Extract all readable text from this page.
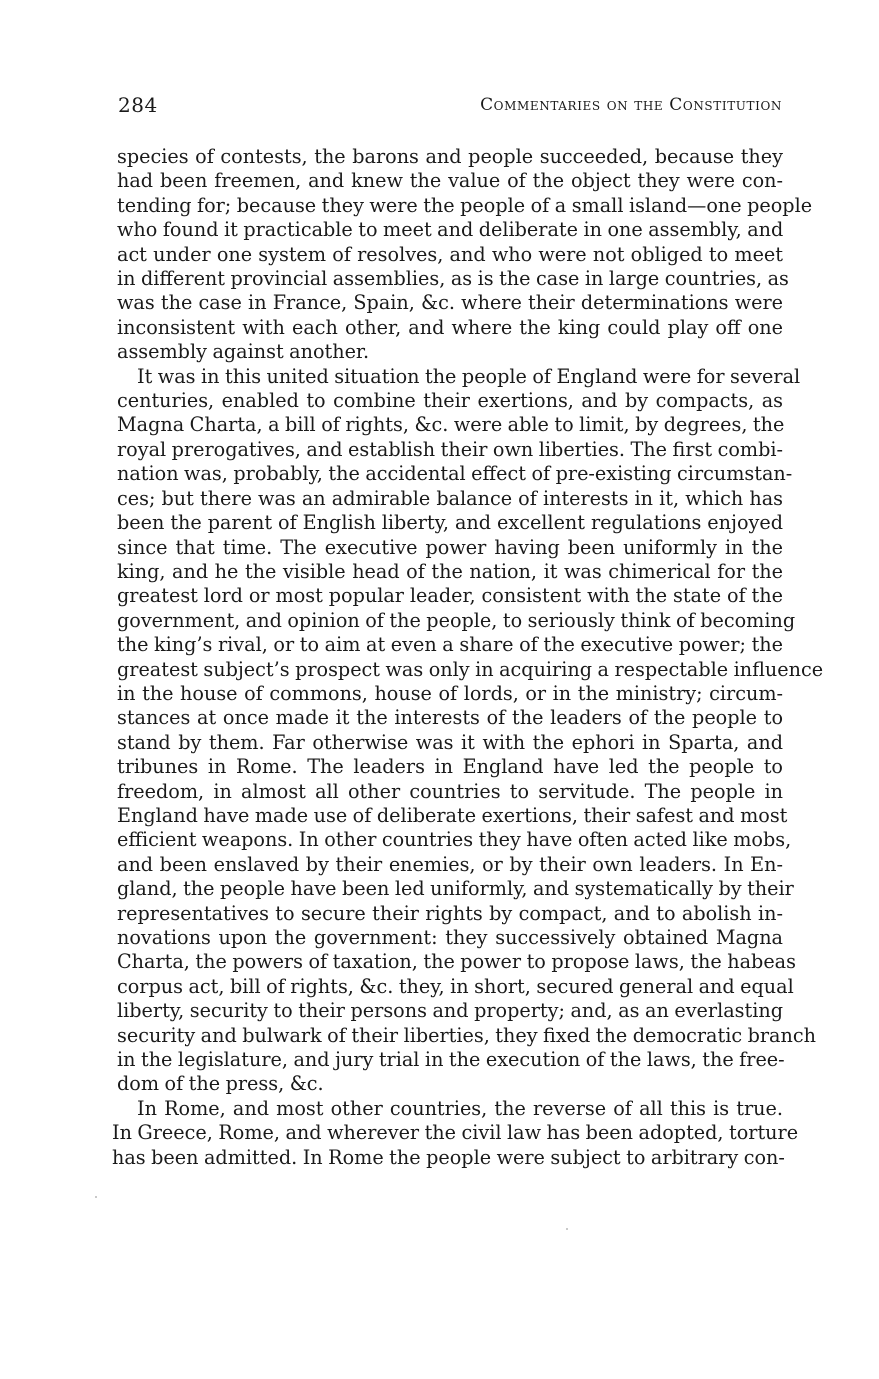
284	Commentaries on the Constitution
species of contests, the barons and people succeeded, because they
had been freemen, and knew the value of the object they were con-
tending for; because they were the people of a small island—one people
who found it practicable to meet and deliberate in one assembly, and
act under one system of resolves, and who were not obliged to meet
in different provincial assemblies, as is the case in large countries, as
was the case in France, Spain, &c. where their determinations were
inconsistent with each other, and where the king could play off one
assembly against another.
It was in this united situation the people of England were for several
centuries, enabled to combine their exertions, and by compacts, as
Magna Charta, a bill of rights, &c. were able to limit, by degrees, the
royal prerogatives, and establish their own liberties. The first combi-
nation was, probably, the accidental effect of pre-existing circumstan-
ces; but there was an admirable balance of interests in it, which has
been the parent of English liberty, and excellent regulations enjoyed
since that time. The executive power having been uniformly in the
king, and he the visible head of the nation, it was chimerical for the
greatest lord or most popular leader, consistent with the state of the
government, and opinion of the people, to seriously think of becoming
the king’s rival, or to aim at even a share of the executive power; the
greatest subject’s prospect was only in acquiring a respectable influence
in the house of commons, house of lords, or in the ministry; circum-
stances at once made it the interests of the leaders of the people to
stand by them. Far otherwise was it with the ephori in Sparta, and
tribunes in Rome. The leaders in England have led the people to
freedom, in almost all other countries to servitude. The people in
England have made use of deliberate exertions, their safest and most
efficient weapons. In other countries they have often acted like mobs,
and been enslaved by their enemies, or by their own leaders. In En-
gland, the people have been led uniformly, and systematically by their
representatives to secure their rights by compact, and to abolish in-
novations upon the government: they successively obtained Magna
Charta, the powers of taxation, the power to propose laws, the habeas
corpus act, bill of rights, &c. they, in short, secured general and equal
liberty, security to their persons and property; and, as an everlasting
security and bulwark of their liberties, they fixed the democratic branch
in the legislature, and jury trial in the execution of the laws, the free-
dom of the press, &c.
In Rome, and most other countries, the reverse of all this is true.
In Greece, Rome, and wherever the civil law has been adopted, torture
has been admitted. In Rome the people were subject to arbitrary con-
